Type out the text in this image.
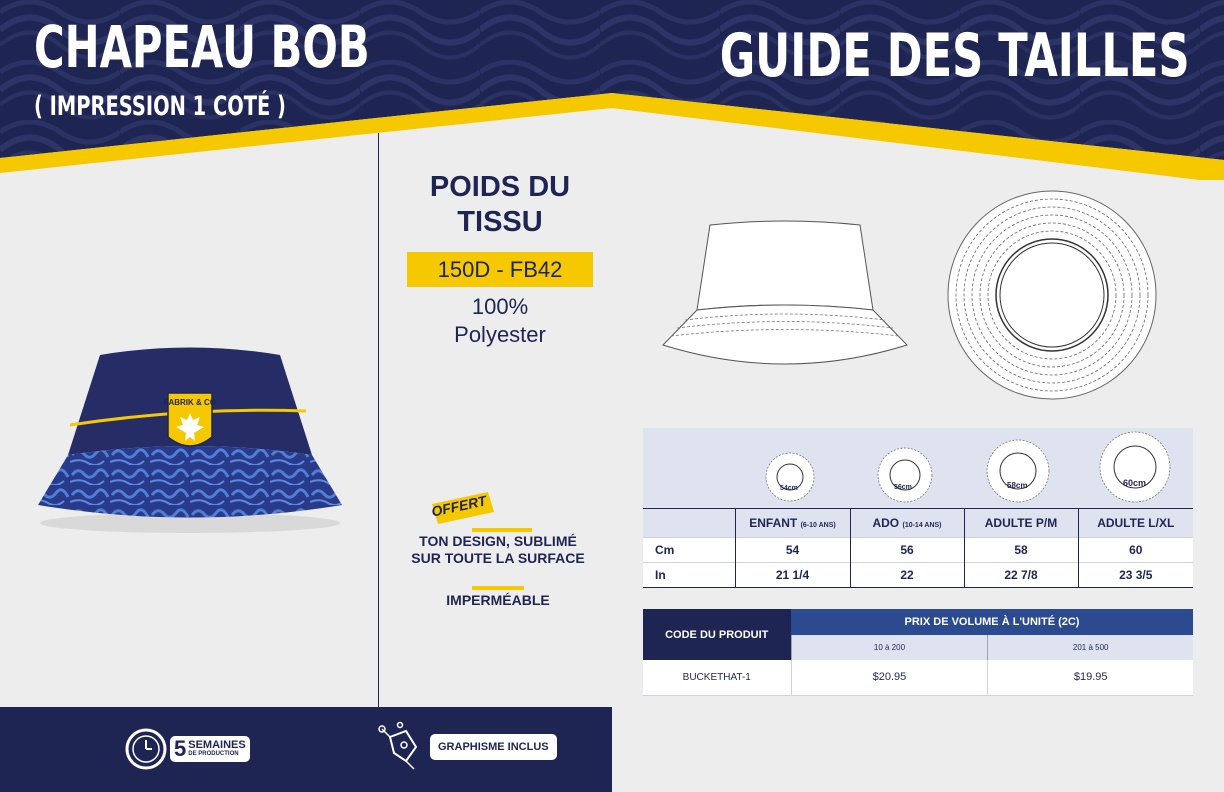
CHAPEAU BOB
( IMPRESSION 1 COTÉ )
GUIDE DES TAILLES
FABRIK & CO
POIDS DU
TISSU
150D - FB42
100%
Polyester
OFFERT
TON DESIGN, SUBLIMÉ
SUR TOUTE LA SURFACE
IMPERMÉABLE
54cm	56cm	58cm	60cm
	ENFANT (6-10 ANS)	ADO (10-14 ANS)	ADULTE P/M	ADULTE L/XL
Cm	54	56	58	60
In	21 1/4	22	22 7/8	23 3/5
CODE DU PRODUIT	PRIX DE VOLUME À L'UNITÉ (2C)	
	10 à 200	201 à 500
BUCKETHAT-1	$20.95	$19.95
5 SEMAINES
DE PRODUCTION
GRAPHISME INCLUS
